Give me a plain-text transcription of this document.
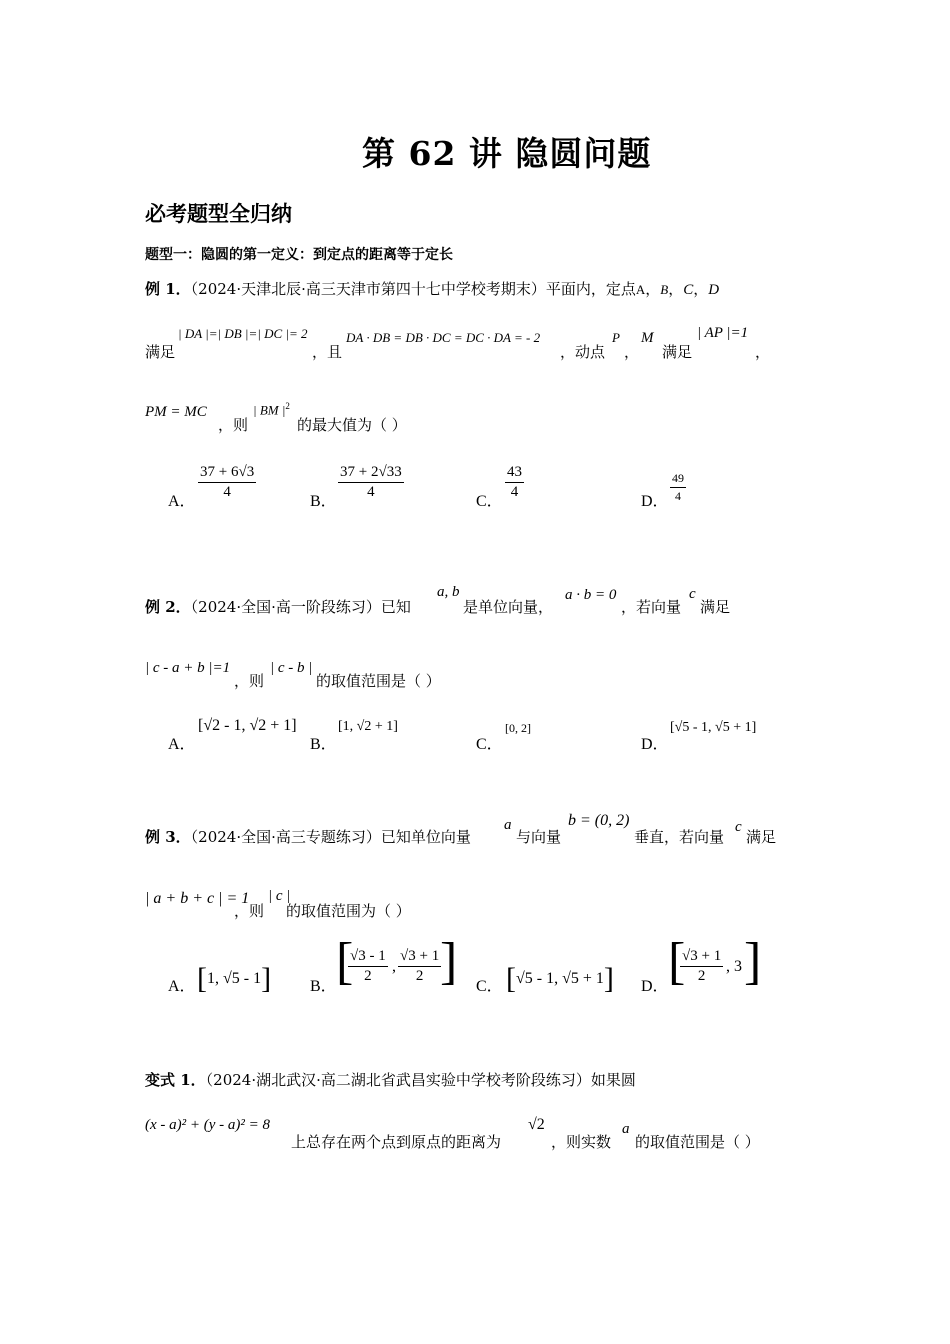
第 62 讲 隐圆问题
必考题型全归纳
题型一：隐圆的第一定义：到定点的距离等于定长
例 1．（2024·天津北辰·高三天津市第四十七中学校考期末）平面内，定点A，B，C，D
满足
| DA |=| DB |=| DC |= 2
，且
DA · DB = DB · DC = DC · DA = - 2
，动点
P
，
M
满足
| AP |=1
，
PM = MC
，则
| BM $|^2$
的最大值为（ ）
A．
$\frac{37 + 6√3}{4}$
B．
$\frac{37 + 2√33}{4}$
C．
$\frac{43}{4}$
D． $\frac{49}{4}$
例 2．（2024·全国·高一阶段练习）已知
a, b
是单位向量，
a · b = 0
，若向量
c
满足
| c - a + b |=1
，则
| c - b |
的取值范围是（ ）
A．
[√2 - 1, √2 + 1]
B．
[1, √2 + 1]
C．
[0, 2]
D．
[√5 - 1, √5 + 1]
例 3．（2024·全国·高三专题练习）已知单位向量
a
与向量
b = (0, 2)
垂直，若向量
c
满足
| a + b + c | = 1
，则
| c |
的取值范围为（ ）
A． [1, √5 - 1] B． [
$\frac{√3 - 1}{2}$ , $\frac{√3 + 1}{2}$
] C． [√5 - 1, √5 + 1] D． [
$\frac{√3 + 1}{2}$ , 3 ]
变式 1．（2024·湖北武汉·高二湖北省武昌实验中学校考阶段练习）如果圆
(x - a)² + (y - a)² = 8
上总存在两个点到原点的距离为
√2
，则实数
a
的取值范围是（ ）
